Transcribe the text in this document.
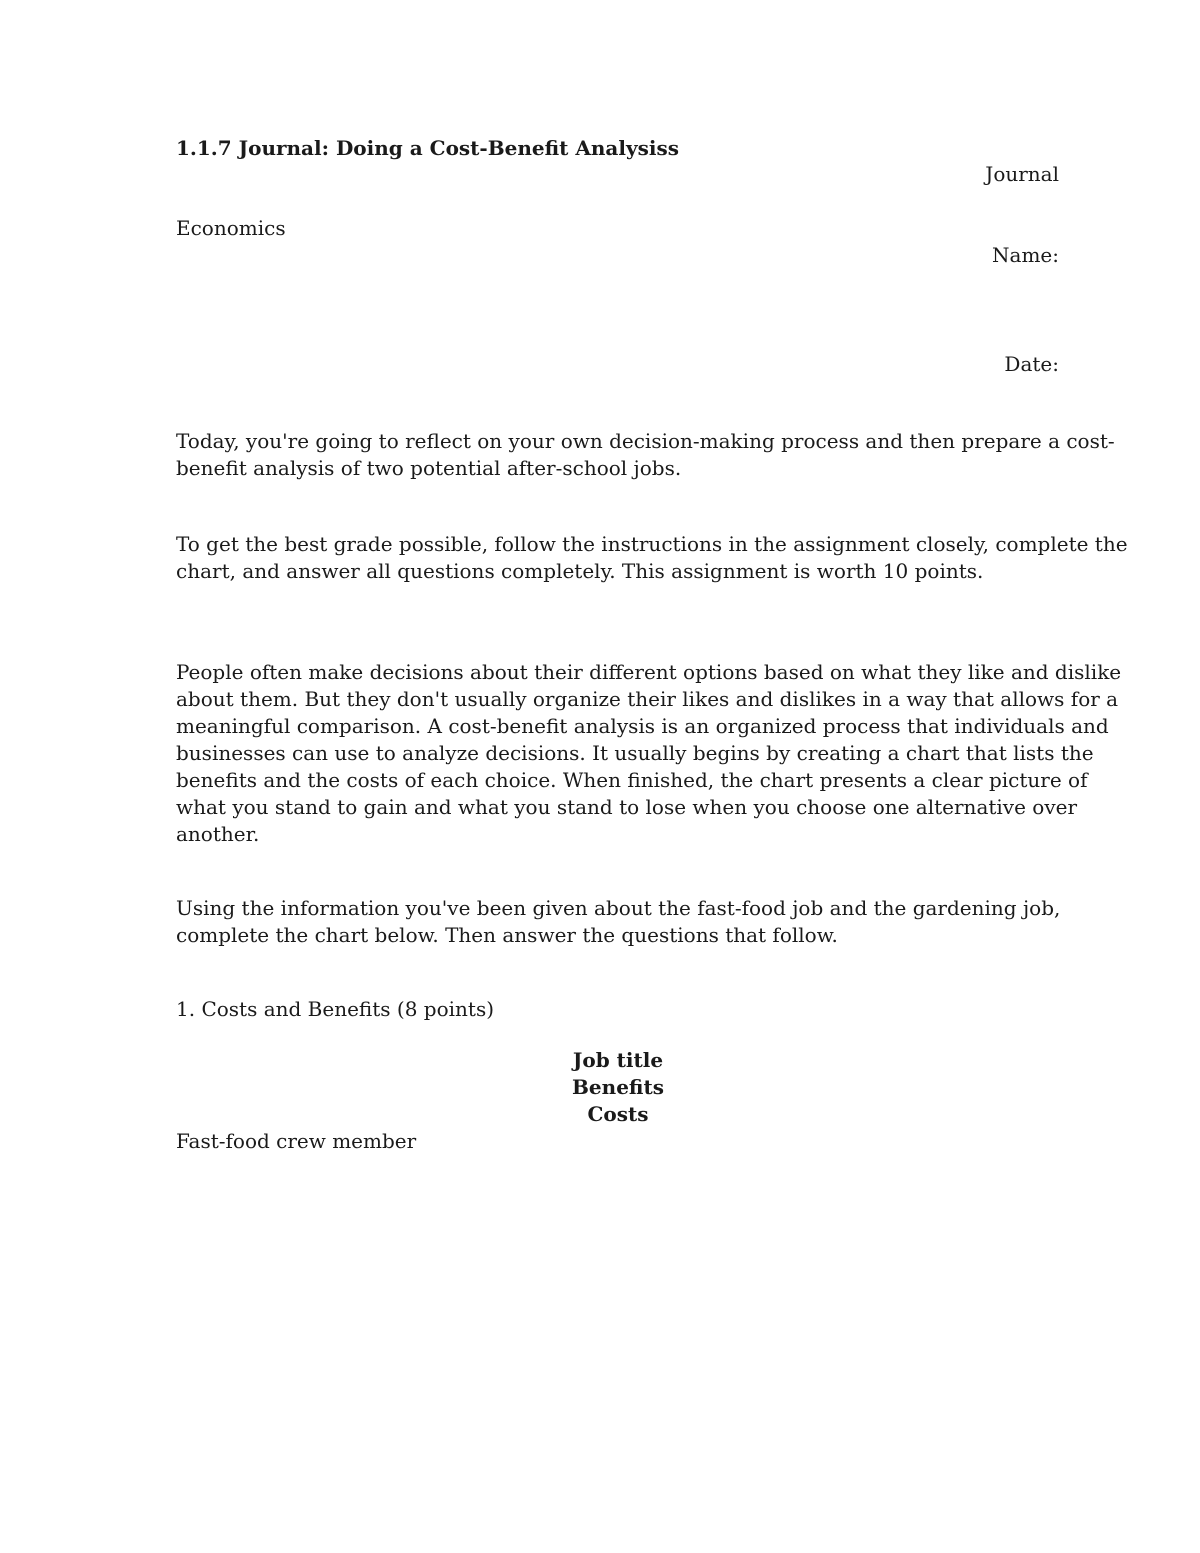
1.1.7 Journal: Doing a Cost-Benefit Analysiss
Journal
Economics
Name:
Date:
Today, you're going to reflect on your own decision-making process and then prepare a cost-
benefit analysis of two potential after-school jobs.
To get the best grade possible, follow the instructions in the assignment closely, complete the
chart, and answer all questions completely. This assignment is worth 10 points.
People often make decisions about their different options based on what they like and dislike
about them. But they don't usually organize their likes and dislikes in a way that allows for a
meaningful comparison. A cost-benefit analysis is an organized process that individuals and
businesses can use to analyze decisions. It usually begins by creating a chart that lists the
benefits and the costs of each choice. When finished, the chart presents a clear picture of
what you stand to gain and what you stand to lose when you choose one alternative over
another.
Using the information you've been given about the fast-food job and the gardening job,
complete the chart below. Then answer the questions that follow.
1. Costs and Benefits (8 points)
Job title
Benefits
Costs
Fast-food crew member
